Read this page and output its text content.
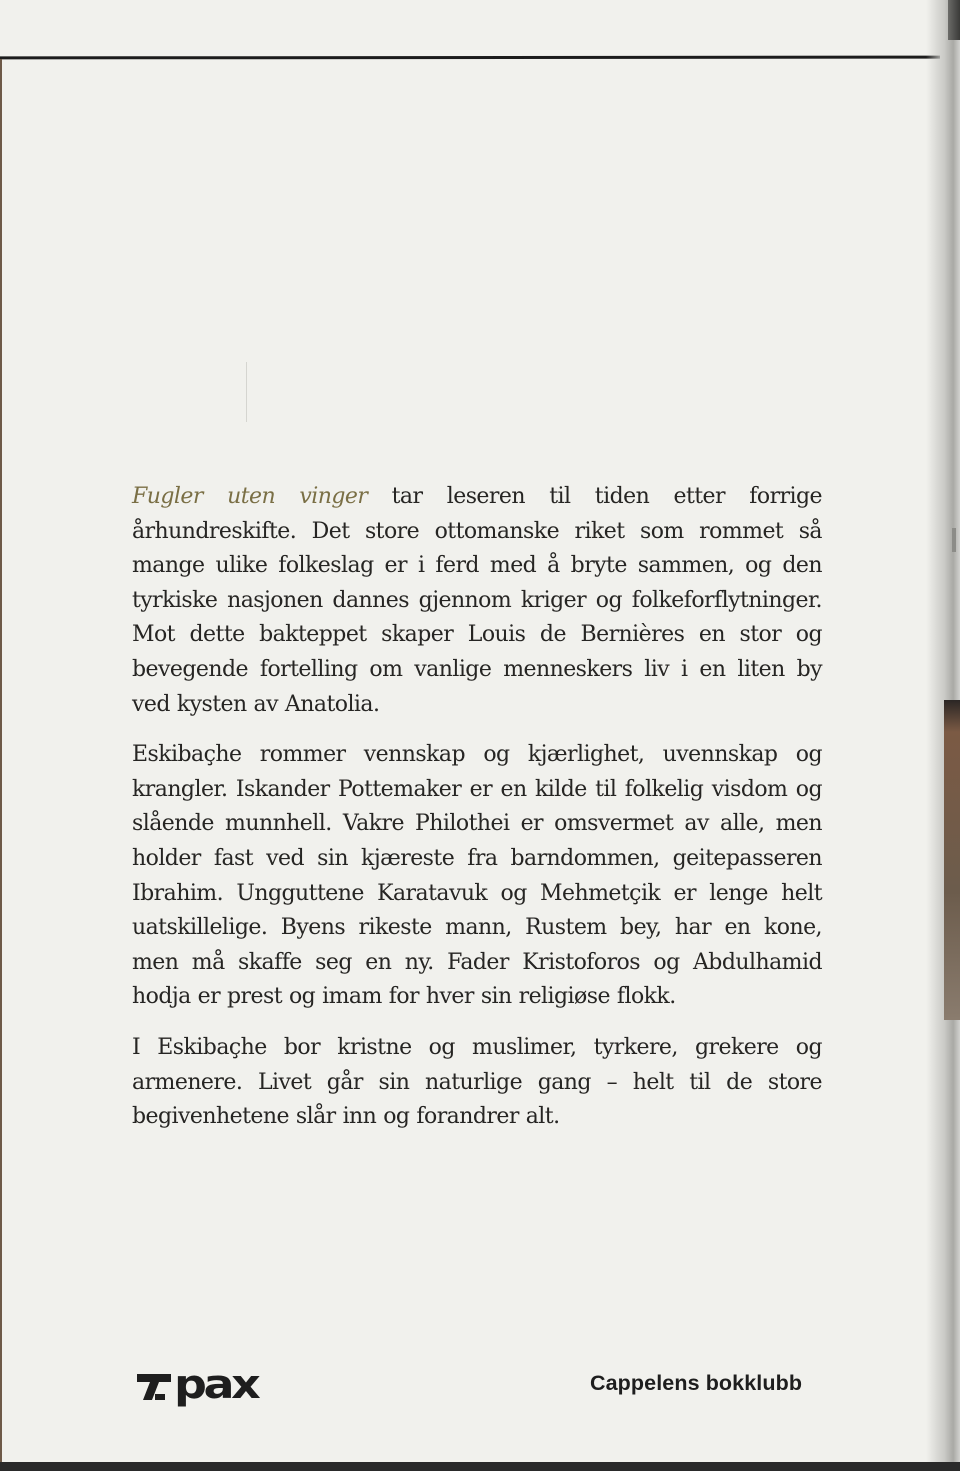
Fugler uten vinger tar leseren til tiden etter forrige århundreskifte. Det store ottomanske riket som rommet så mange ulike folkeslag er i ferd med å bryte sammen, og den tyrkiske nasjonen dannes gjennom kriger og folkeforflytninger. Mot dette bakteppet skaper Louis de Bernières en stor og bevegende fortelling om vanlige menneskers liv i en liten by ved kysten av Anatolia.

Eskibaçhe rommer vennskap og kjærlighet, uvennskap og krangler. Iskander Pottemaker er en kilde til folkelig visdom og slående munnhell. Vakre Philothei er omsvermet av alle, men holder fast ved sin kjæreste fra barndommen, geitepasseren Ibrahim. Ungguttene Karatavuk og Mehmetçik er lenge helt uatskillelige. Byens rikeste mann, Rustem bey, har en kone, men må skaffe seg en ny. Fader Kristoforos og Abdulhamid hodja er prest og imam for hver sin religiøse flokk.

I Eskibaçhe bor kristne og muslimer, tyrkere, grekere og armenere. Livet går sin naturlige gang – helt til de store begivenhetene slår inn og forandrer alt.

pax	Cappelens bokklubb
